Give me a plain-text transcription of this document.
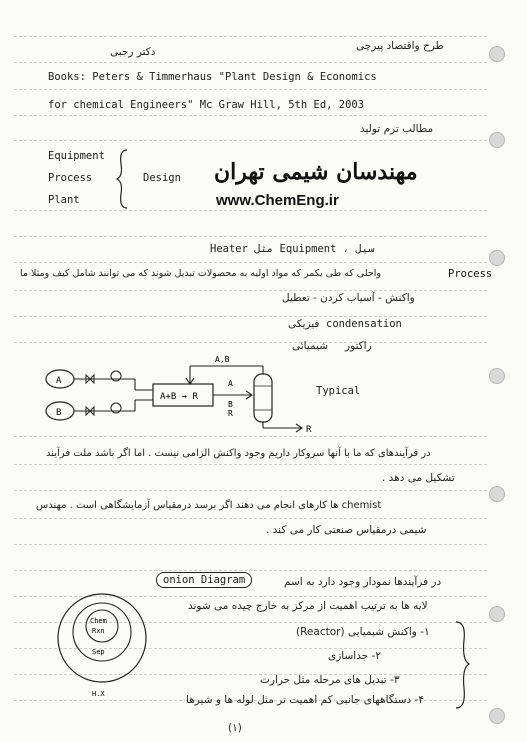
طرح واقتصاد پیرچی
دکتر رجبی
Books: Peters & Timmerhaus "Plant Design & Economics
for chemical Engineers" Mc Graw Hill, 5th Ed, 2003
مطالب ترم تولید
Equipment
Process
Plant
Design مهندسان شیمی تهران
www.ChemEng.ir
Heater مثل Equipment ، سیل
Process
واحلی که طی یکمر که مواد اولیه به محصولات تبدیل شوند که می توانند شامل کیف ومثلا ما
واکنش - آسیاب کردن - تعطیل
condensation
فیزیکی
راکتور
شیمیائی
A
B
A+B → R
A
B
R
A,B
R
Typical
در فرآیندهای که ما با آنها سروکار داریم وجود واکنش الزامی نیست . اما اگر باشد ملت فرآیند
تشکیل می دهد .
chemist ها کارهای انجام می دهند اگر برسد درمقیاس آزمایشگاهی است . مهندس
شیمی درمقیاس صنعتی کار می کند .
onion Diagram	در فرآیندها نمودار وجود دارد به اسم
لایه ها به ترتیب اهمیت از مرکز به خارج چیده می شوند
Chem
Rxn
Sep
H.X
۱- واکنش شیمیایی (Reactor)
۲- جداسازی
۳- تبدیل های مرحله مثل حرارت
۴- دستگاههای جانبی کم اهمیت تر مثل لوله ها و شیرها
(۱)
